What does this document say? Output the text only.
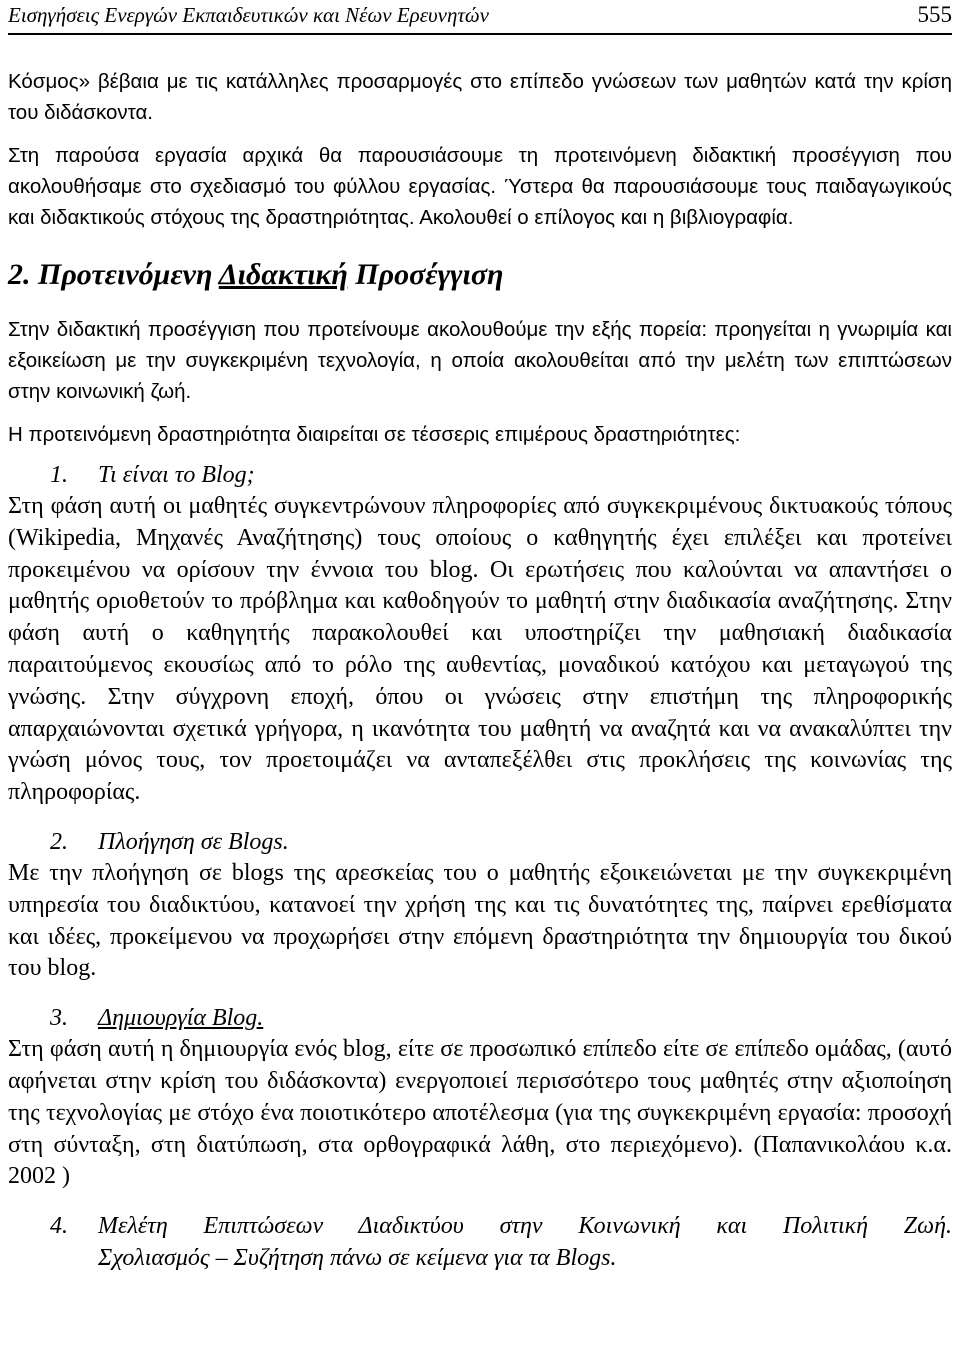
Εισηγήσεις Ενεργών Εκπαιδευτικών και Νέων Ερευνητών	555

Κόσμος» βέβαια με τις κατάλληλες προσαρμογές στο επίπεδο γνώσεων των μαθητών κατά την κρίση του διδάσκοντα.

Στη παρούσα εργασία αρχικά θα παρουσιάσουμε τη προτεινόμενη διδακτική προσέγγιση που ακολουθήσαμε στο σχεδιασμό του φύλλου εργασίας. Ύστερα θα παρουσιάσουμε τους παιδαγωγικούς και διδακτικούς στόχους της δραστηριότητας. Ακολουθεί ο επίλογος και η βιβλιογραφία.

2. Προτεινόμενη Διδακτική Προσέγγιση

Στην διδακτική προσέγγιση που προτείνουμε ακολουθούμε την εξής πορεία: προηγείται η γνωριμία και εξοικείωση με την συγκεκριμένη τεχνολογία, η οποία ακολουθείται από την μελέτη των επιπτώσεων στην κοινωνική ζωή.

Η προτεινόμενη δραστηριότητα διαιρείται σε τέσσερις επιμέρους δραστηριότητες:

1.	Τι είναι το Blog;

Στη φάση αυτή οι μαθητές συγκεντρώνουν πληροφορίες από συγκεκριμένους δικτυακούς τόπους (Wikipedia, Μηχανές Αναζήτησης) τους οποίους ο καθηγητής έχει επιλέξει και προτείνει προκειμένου να ορίσουν την έννοια του blog. Οι ερωτήσεις που καλούνται να απαντήσει ο μαθητής οριοθετούν το πρόβλημα και καθοδηγούν το μαθητή στην διαδικασία αναζήτησης. Στην φάση αυτή ο καθηγητής παρακολουθεί και υποστηρίζει την μαθησιακή διαδικασία παραιτούμενος εκουσίως από το ρόλο της αυθεντίας, μοναδικού κατόχου και μεταγωγού της γνώσης. Στην σύγχρονη εποχή, όπου οι γνώσεις στην επιστήμη της πληροφορικής απαρχαιώνονται σχετικά γρήγορα, η ικανότητα του μαθητή να αναζητά και να ανακαλύπτει την γνώση μόνος τους, τον προετοιμάζει να ανταπεξέλθει στις προκλήσεις της κοινωνίας της πληροφορίας.

2.	Πλοήγηση σε Blogs.

Με την πλοήγηση σε blogs της αρεσκείας του ο μαθητής εξοικειώνεται με την συγκεκριμένη υπηρεσία του διαδικτύου, κατανοεί την χρήση της και τις δυνατότητες της, παίρνει ερεθίσματα και ιδέες, προκείμενου να προχωρήσει στην επόμενη δραστηριότητα την δημιουργία του δικού του blog.

3.	Δημιουργία Blog.

Στη φάση αυτή η δημιουργία ενός blog, είτε σε προσωπικό επίπεδο είτε σε επίπεδο ομάδας, (αυτό αφήνεται στην κρίση του διδάσκοντα) ενεργοποιεί περισσότερο τους μαθητές στην αξιοποίηση της τεχνολογίας με στόχο ένα ποιοτικότερο αποτέλεσμα (για της συγκεκριμένη εργασία: προσοχή στη σύνταξη, στη διατύπωση, στα ορθογραφικά λάθη, στο περιεχόμενο). (Παπανικολάου κ.α. 2002 )

4.	Μελέτη Επιπτώσεων Διαδικτύου στην Κοινωνική και Πολιτική Ζωή.
Σχολιασμός – Συζήτηση πάνω σε κείμενα για τα Blogs.
